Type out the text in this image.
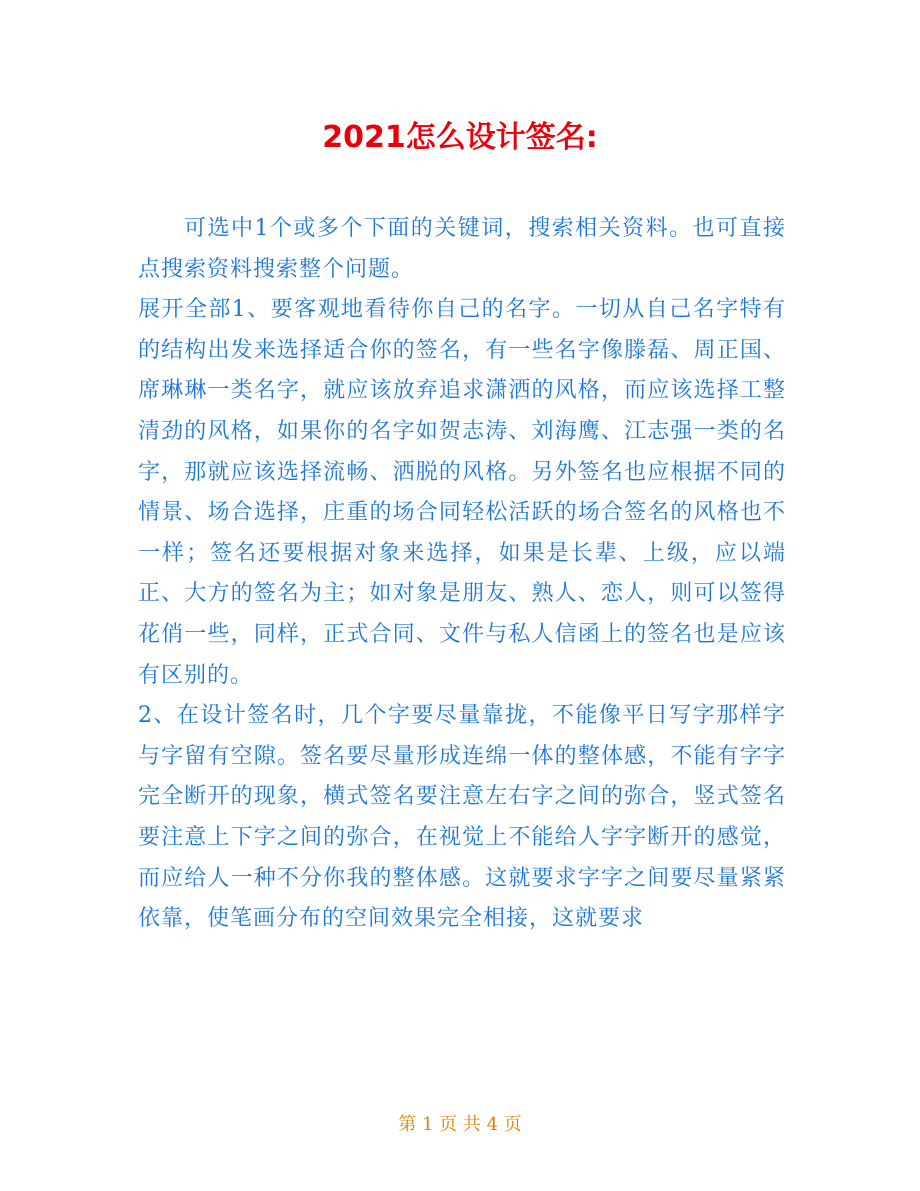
2021怎么设计签名:

可选中1个或多个下面的关键词，搜索相关资料。也可直接点搜索资料搜索整个问题。

展开全部1、要客观地看待你自己的名字。一切从自己名字特有的结构出发来选择适合你的签名，有一些名字像滕磊、周正国、席琳琳一类名字，就应该放弃追求潇洒的风格，而应该选择工整清劲的风格，如果你的名字如贺志涛、刘海鹰、江志强一类的名字，那就应该选择流畅、洒脱的风格。另外签名也应根据不同的情景、场合选择，庄重的场合同轻松活跃的场合签名的风格也不一样；签名还要根据对象来选择，如果是长辈、上级，应以端正、大方的签名为主；如对象是朋友、熟人、恋人，则可以签得花俏一些，同样，正式合同、文件与私人信函上的签名也是应该有区别的。

2、在设计签名时，几个字要尽量靠拢，不能像平日写字那样字与字留有空隙。签名要尽量形成连绵一体的整体感，不能有字字完全断开的现象，横式签名要注意左右字之间的弥合，竖式签名要注意上下字之间的弥合，在视觉上不能给人字字断开的感觉，而应给人一种不分你我的整体感。这就要求字字之间要尽量紧紧依靠，使笔画分布的空间效果完全相接，这就要求

第 1 页 共 4 页
